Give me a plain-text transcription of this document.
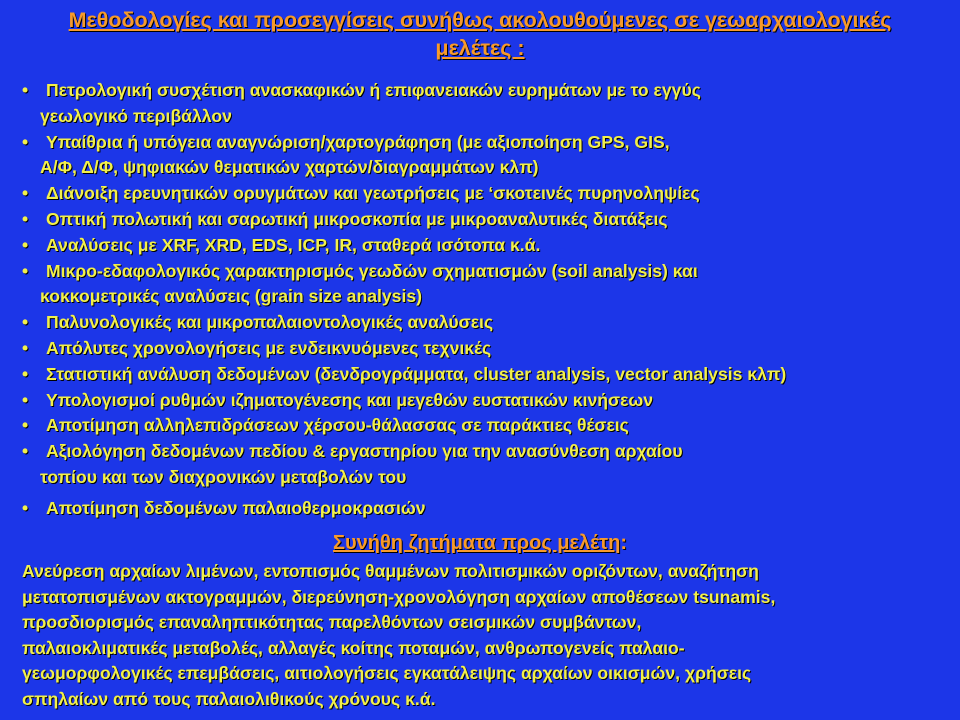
Μεθοδολογίες και προσεγγίσεις συνήθως ακολουθούμενες σε γεωαρχαιολογικές
μελέτες :
• Πετρολογική συσχέτιση ανασκαφικών ή επιφανειακών ευρημάτων με το εγγύς
γεωλογικό περιβάλλον
• Υπαίθρια ή υπόγεια αναγνώριση/χαρτογράφηση (με αξιοποίηση GPS, GIS,
Α/Φ, Δ/Φ, ψηφιακών θεματικών χαρτών/διαγραμμάτων κλπ)
• Διάνοιξη ερευνητικών ορυγμάτων και γεωτρήσεις με ‘σκοτεινές πυρηνοληψίες
• Οπτική πολωτική και σαρωτική μικροσκοπία με μικροαναλυτικές διατάξεις
• Αναλύσεις με XRF, XRD, EDS, ICP, IR, σταθερά ισότοπα κ.ά.
• Μικρο-εδαφολογικός χαρακτηρισμός γεωδών σχηματισμών (soil analysis) και
κοκκομετρικές αναλύσεις (grain size analysis)
• Παλυνολογικές και μικροπαλαιοντολογικές αναλύσεις
• Απόλυτες χρονολογήσεις με ενδεικνυόμενες τεχνικές
• Στατιστική ανάλυση δεδομένων (δενδρογράμματα, cluster analysis, vector analysis κλπ)
• Υπολογισμοί ρυθμών ιζηματογένεσης και μεγεθών ευστατικών κινήσεων
• Αποτίμηση αλληλεπιδράσεων χέρσου-θάλασσας σε παράκτιες θέσεις
• Αξιολόγηση δεδομένων πεδίου & εργαστηρίου για την ανασύνθεση αρχαίου
τοπίου και των διαχρονικών μεταβολών του
• Αποτίμηση δεδομένων παλαιοθερμοκρασιών
Συνήθη ζητήματα προς μελέτη:
Ανεύρεση αρχαίων λιμένων, εντοπισμός θαμμένων πολιτισμικών οριζόντων, αναζήτηση
μετατοπισμένων ακτογραμμών, διερεύνηση-χρονολόγηση αρχαίων αποθέσεων tsunamis,
προσδιορισμός επαναληπτικότητας παρελθόντων σεισμικών συμβάντων,
παλαιοκλιματικές μεταβολές, αλλαγές κοίτης ποταμών, ανθρωπογενείς παλαιο-
γεωμορφολογικές επεμβάσεις, αιτιολογήσεις εγκατάλειψης αρχαίων οικισμών, χρήσεις
σπηλαίων από τους παλαιολιθικούς χρόνους κ.ά.
